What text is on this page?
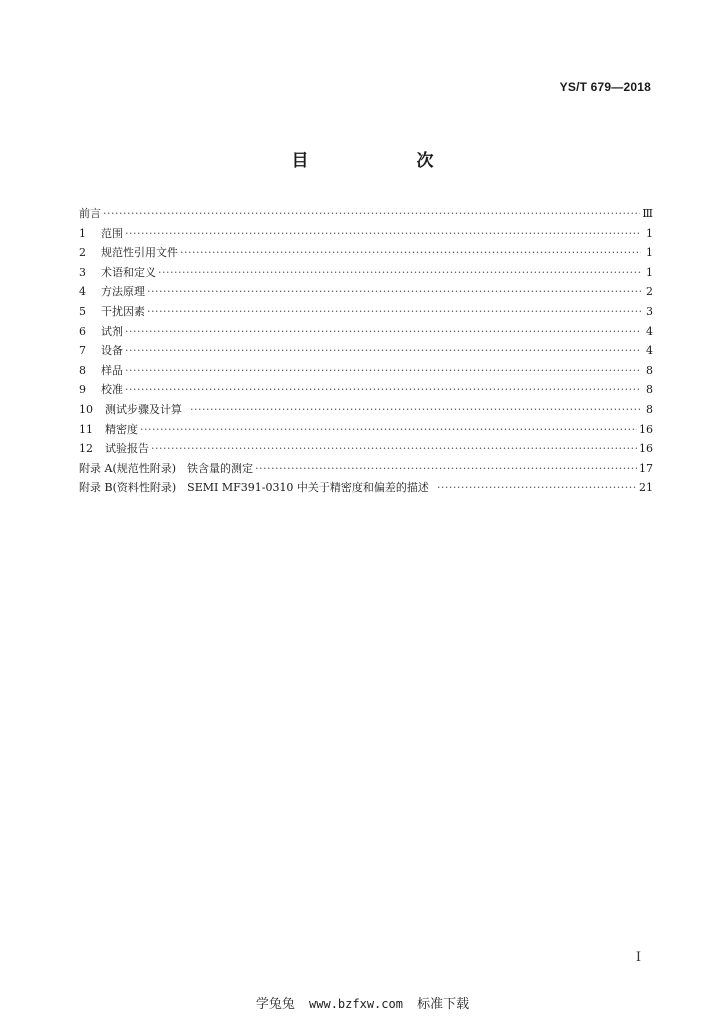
YS/T 679—2018
目 次
前言 ·····	Ⅲ
1	范围 ·····	1
2	规范性引用文件 ·····	1
3	术语和定义 ·····	1
4	方法原理 ·····	2
5	干扰因素 ·····	3
6	试剂 ·····	4
7	设备 ·····	4
8	样品 ·····	8
9	校准 ·····	8
10	测试步骤及计算 ·····	8
11	精密度 ·····	16
12	试验报告 ·····	16
附录 A(规范性附录)　铁含量的测定 ·····	17
附录 B(资料性附录)　SEMI MF391-0310 中关于精密度和偏差的描述 ·····	21
Ⅰ
学兔兔 www.bzfxw.com 标准下载
